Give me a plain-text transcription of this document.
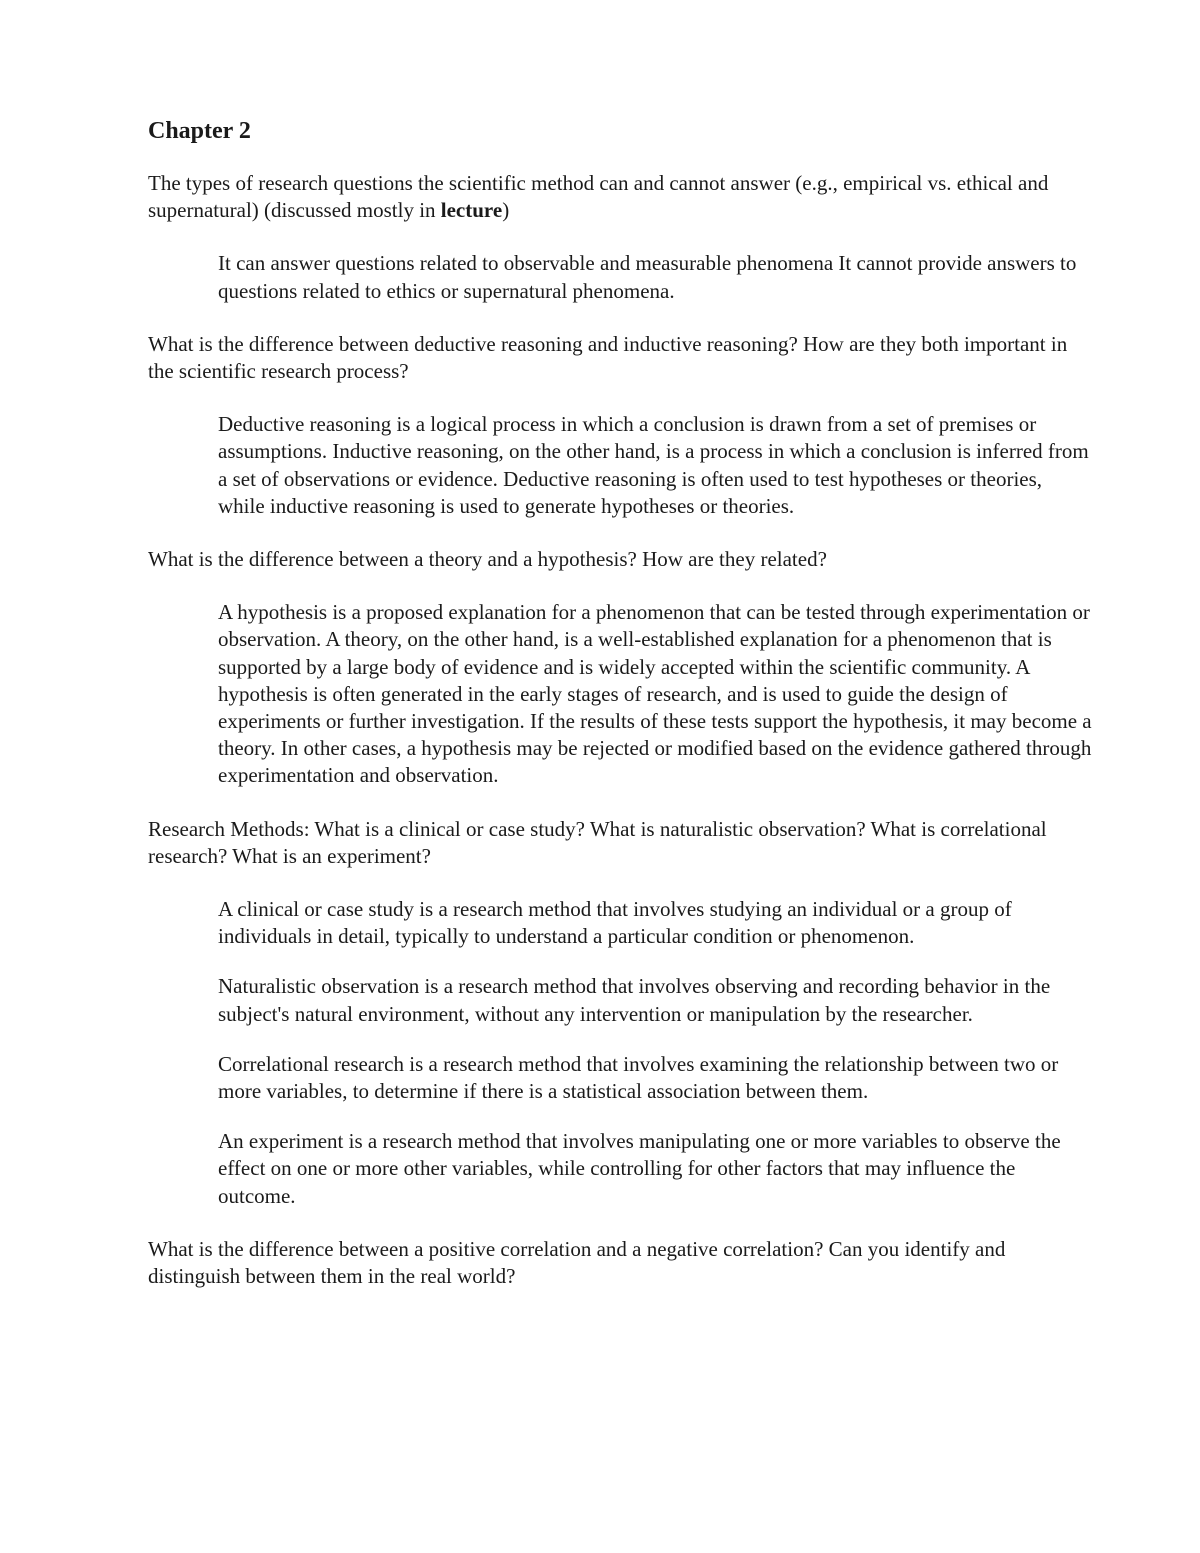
Chapter 2

The types of research questions the scientific method can and cannot answer (e.g., empirical vs. ethical and supernatural) (discussed mostly in lecture)

It can answer questions related to observable and measurable phenomena It cannot provide answers to questions related to ethics or supernatural phenomena.

What is the difference between deductive reasoning and inductive reasoning? How are they both important in the scientific research process?

Deductive reasoning is a logical process in which a conclusion is drawn from a set of premises or assumptions. Inductive reasoning, on the other hand, is a process in which a conclusion is inferred from a set of observations or evidence. Deductive reasoning is often used to test hypotheses or theories, while inductive reasoning is used to generate hypotheses or theories.

What is the difference between a theory and a hypothesis? How are they related?

A hypothesis is a proposed explanation for a phenomenon that can be tested through experimentation or observation. A theory, on the other hand, is a well-established explanation for a phenomenon that is supported by a large body of evidence and is widely accepted within the scientific community. A hypothesis is often generated in the early stages of research, and is used to guide the design of experiments or further investigation. If the results of these tests support the hypothesis, it may become a theory. In other cases, a hypothesis may be rejected or modified based on the evidence gathered through experimentation and observation.

Research Methods: What is a clinical or case study? What is naturalistic observation? What is correlational research? What is an experiment?

A clinical or case study is a research method that involves studying an individual or a group of individuals in detail, typically to understand a particular condition or phenomenon.

Naturalistic observation is a research method that involves observing and recording behavior in the subject's natural environment, without any intervention or manipulation by the researcher.

Correlational research is a research method that involves examining the relationship between two or more variables, to determine if there is a statistical association between them.

An experiment is a research method that involves manipulating one or more variables to observe the effect on one or more other variables, while controlling for other factors that may influence the outcome.

What is the difference between a positive correlation and a negative correlation? Can you identify and distinguish between them in the real world?
